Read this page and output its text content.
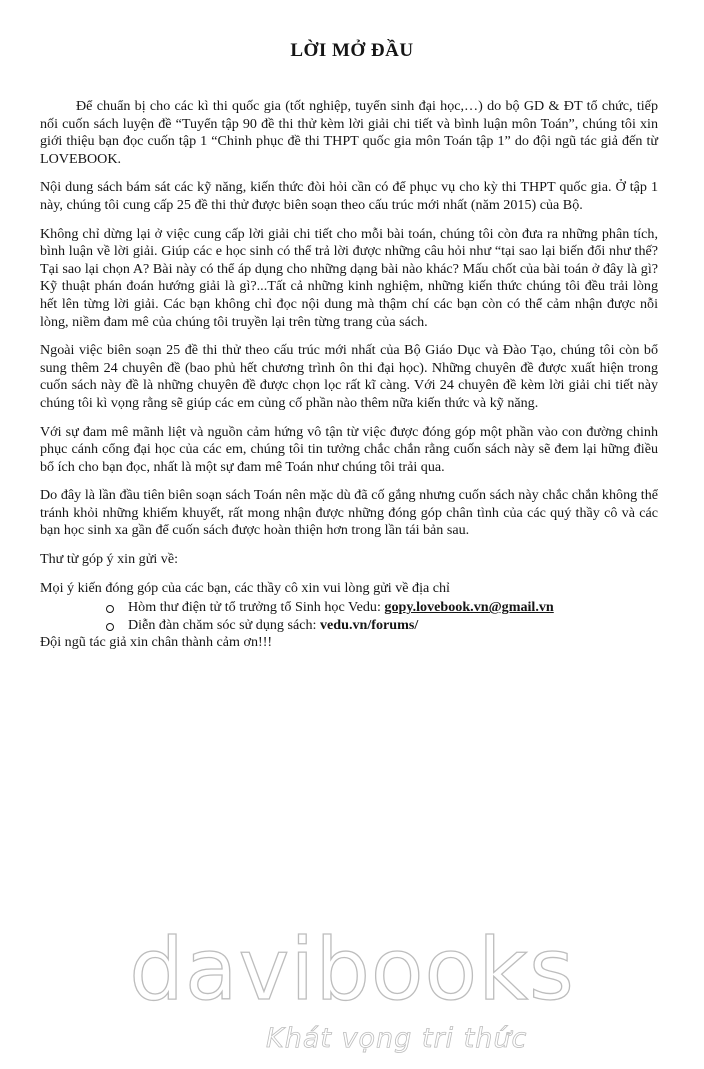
LỜI MỞ ĐẦU

Để chuẩn bị cho các kì thi quốc gia (tốt nghiệp, tuyển sinh đại học,…) do bộ GD & ĐT tổ chức, tiếp nối cuốn sách luyện đề “Tuyển tập 90 đề thi thử kèm lời giải chi tiết và bình luận môn Toán”, chúng tôi xin giới thiệu bạn đọc cuốn tập 1 “Chinh phục đề thi THPT quốc gia môn Toán tập 1” do đội ngũ tác giả đến từ LOVEBOOK.

Nội dung sách bám sát các kỹ năng, kiến thức đòi hỏi cần có để phục vụ cho kỳ thi THPT quốc gia. Ở tập 1 này, chúng tôi cung cấp 25 đề thi thử được biên soạn theo cấu trúc mới nhất (năm 2015) của Bộ.

Không chỉ dừng lại ở việc cung cấp lời giải chi tiết cho mỗi bài toán, chúng tôi còn đưa ra những phân tích, bình luận về lời giải. Giúp các e học sinh có thể trả lời được những câu hỏi như “tại sao lại biến đổi như thế? Tại sao lại chọn A? Bài này có thể áp dụng cho những dạng bài nào khác? Mấu chốt của bài toán ở đây là gì? Kỹ thuật phán đoán hướng giải là gì?...Tất cả những kinh nghiệm, những kiến thức chúng tôi đều trải lòng hết lên từng lời giải. Các bạn không chỉ đọc nội dung mà thậm chí các bạn còn có thể cảm nhận được nỗi lòng, niềm đam mê của chúng tôi truyền lại trên từng trang của sách.

Ngoài việc biên soạn 25 đề thi thử theo cấu trúc mới nhất của Bộ Giáo Dục và Đào Tạo, chúng tôi còn bổ sung thêm 24 chuyên đề (bao phủ hết chương trình ôn thi đại học). Những chuyên đề được xuất hiện trong cuốn sách này đề là những chuyên đề được chọn lọc rất kĩ càng. Với 24 chuyên đề kèm lời giải chi tiết này chúng tôi kì vọng rằng sẽ giúp các em củng cố phần nào thêm nữa kiến thức và kỹ năng.

Với sự đam mê mãnh liệt và nguồn cảm hứng vô tận từ việc được đóng góp một phần vào con đường chinh phục cánh cổng đại học của các em, chúng tôi tin tưởng chắc chắn rằng cuốn sách này sẽ đem lại hững điều bổ ích cho bạn đọc, nhất là một sự đam mê Toán như chúng tôi trải qua.

Do đây là lần đầu tiên biên soạn sách Toán nên mặc dù đã cố gắng nhưng cuốn sách này chắc chắn không thể tránh khỏi những khiếm khuyết, rất mong nhận được những đóng góp chân tình của các quý thầy cô và các bạn học sinh xa gần để cuốn sách được hoàn thiện hơn trong lần tái bản sau.

Thư từ góp ý xin gửi về:

Mọi ý kiến đóng góp của các bạn, các thầy cô xin vui lòng gửi về địa chỉ

Hòm thư điện tử tổ trưởng tổ Sinh học Vedu: gopy.lovebook.vn@gmail.vn
Diễn đàn chăm sóc sử dụng sách: vedu.vn/forums/

Đội ngũ tác giả xin chân thành cảm ơn!!!

davibooks
Khát vọng tri thức
